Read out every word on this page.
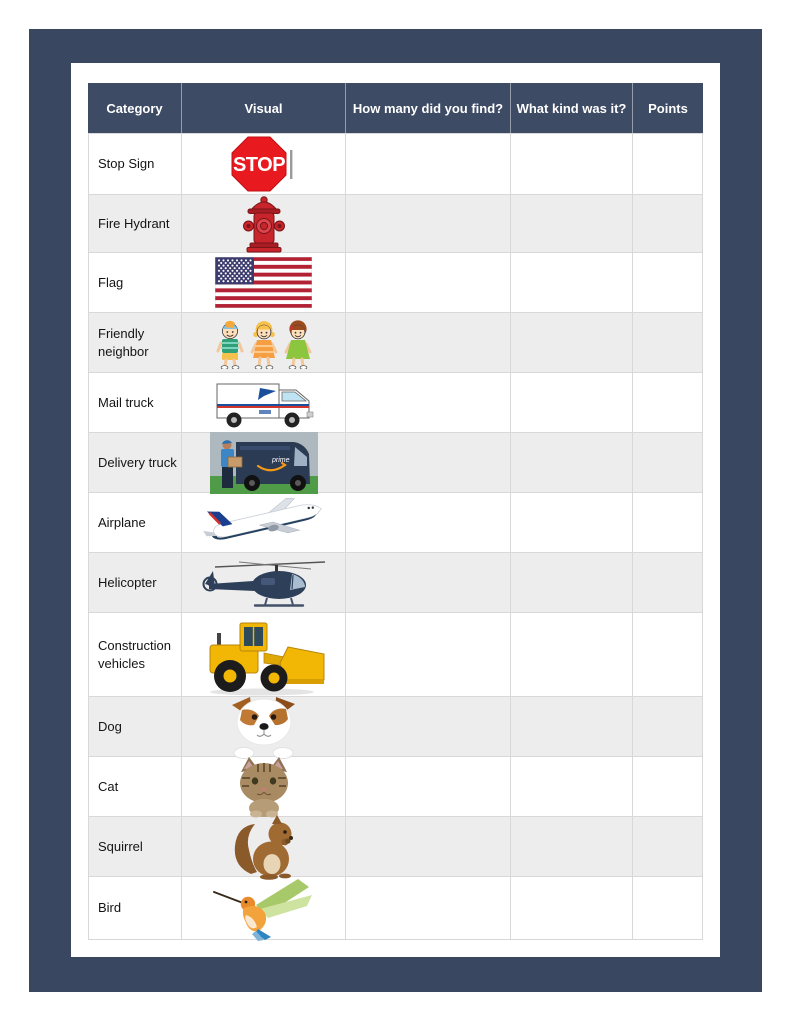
Category	Visual	How many did you find?	What kind was it?	Points
Stop Sign	STOP
Fire Hydrant
Flag
Friendly neighbor
Mail truck
Delivery truck	prime
Airplane
Helicopter
Construction vehicles
Dog
Cat
Squirrel
Bird
